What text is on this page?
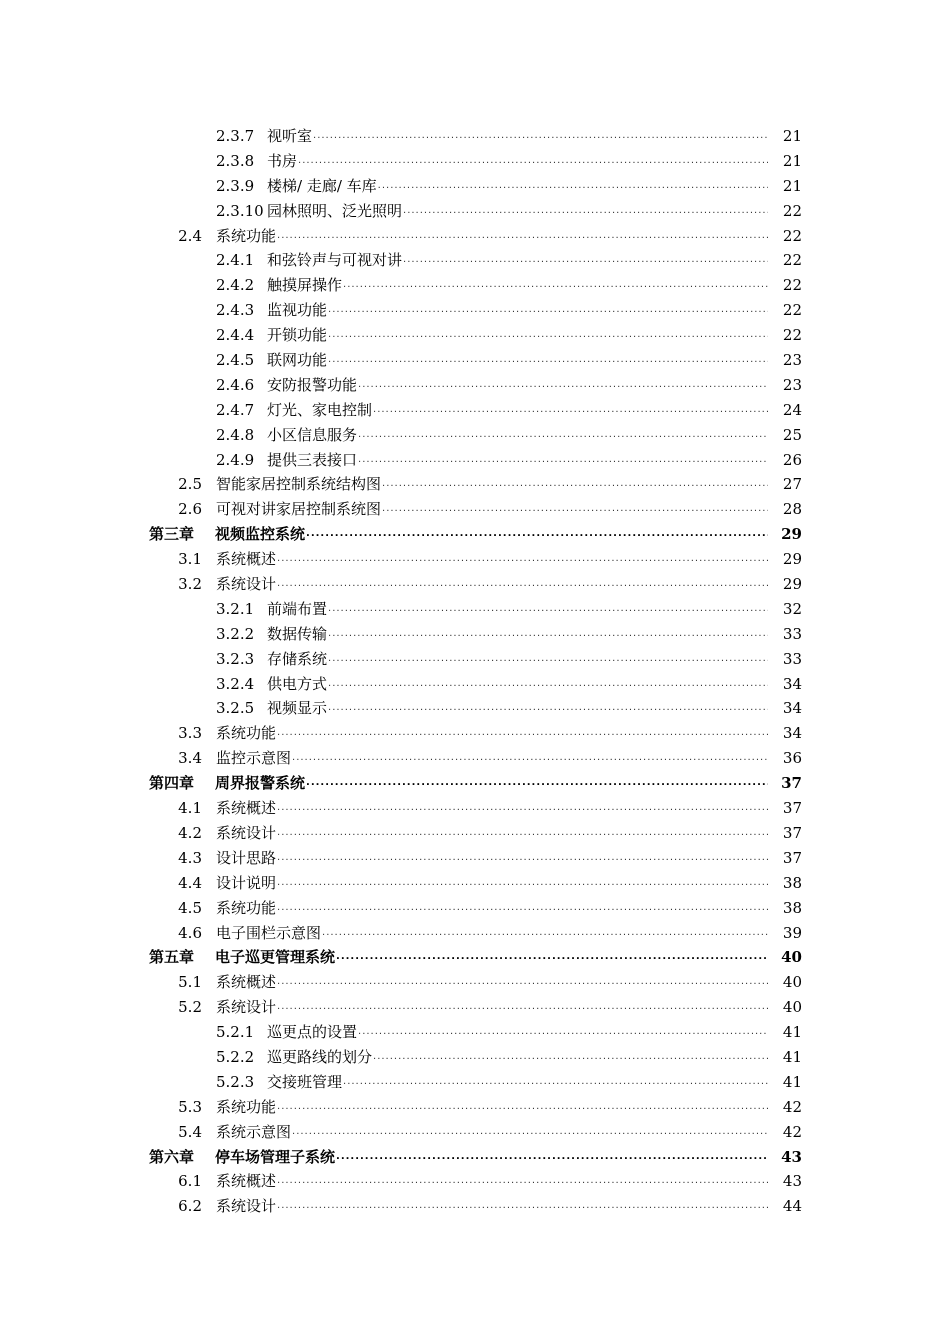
2.3.7 视听室 .....	21
2.3.8 书房 .....	21
2.3.9 楼梯/ 走廊/ 车库 .....	21
2.3.10 园林照明、泛光照明 .....	22
2.4 系统功能 .....	22
2.4.1 和弦铃声与可视对讲 .....	22
2.4.2 触摸屏操作 .....	22
2.4.3 监视功能 .....	22
2.4.4 开锁功能 .....	22
2.4.5 联网功能 .....	23
2.4.6 安防报警功能 .....	23
2.4.7 灯光、家电控制 .....	24
2.4.8 小区信息服务 .....	25
2.4.9 提供三表接口 .....	26
2.5 智能家居控制系统结构图 .....	27
2.6 可视对讲家居控制系统图 .....	28
第三章 视频监控系统 .....	29
3.1 系统概述 .....	29
3.2 系统设计 .....	29
3.2.1 前端布置 .....	32
3.2.2 数据传输 .....	33
3.2.3 存储系统 .....	33
3.2.4 供电方式 .....	34
3.2.5 视频显示 .....	34
3.3 系统功能 .....	34
3.4 监控示意图 .....	36
第四章 周界报警系统 .....	37
4.1 系统概述 .....	37
4.2 系统设计 .....	37
4.3 设计思路 .....	37
4.4 设计说明 .....	38
4.5 系统功能 .....	38
4.6 电子围栏示意图 .....	39
第五章 电子巡更管理系统 .....	40
5.1 系统概述 .....	40
5.2 系统设计 .....	40
5.2.1 巡更点的设置 .....	41
5.2.2 巡更路线的划分 .....	41
5.2.3 交接班管理 .....	41
5.3 系统功能 .....	42
5.4 系统示意图 .....	42
第六章 停车场管理子系统 .....	43
6.1 系统概述 .....	43
6.2 系统设计 .....	44
